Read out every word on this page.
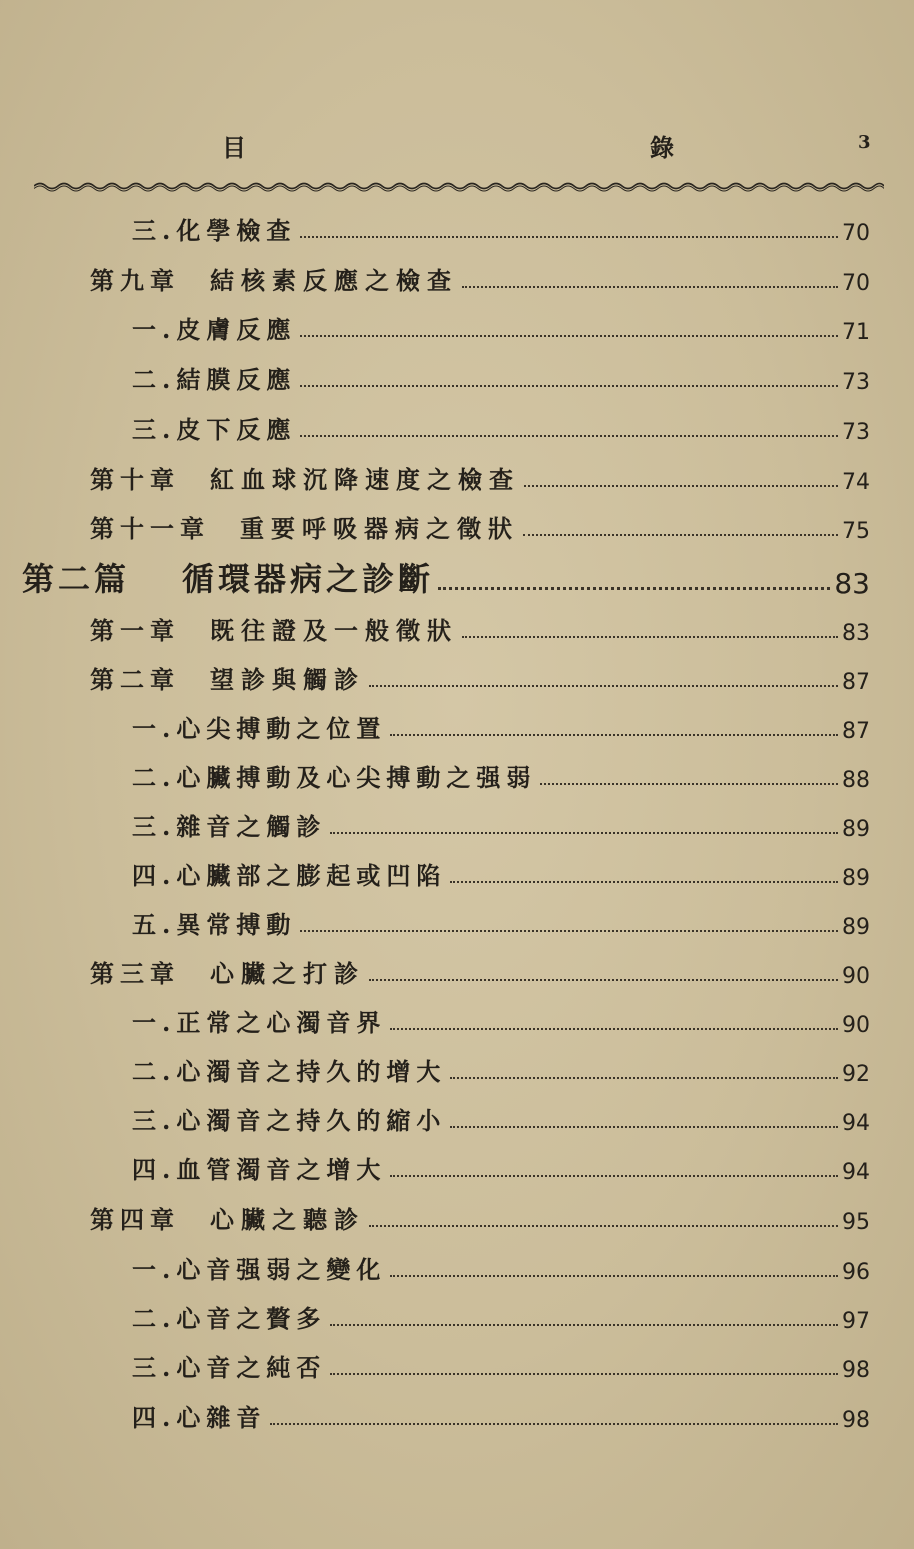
目	錄	3
三.化學檢查	70
第九章 結核素反應之檢查	70
一.皮膚反應	71
二.結膜反應	73
三.皮下反應	73
第十章 紅血球沉降速度之檢查	74
第十一章 重要呼吸器病之徵狀	75
第二篇 循環器病之診斷	83
第一章 既往證及一般徵狀	83
第二章 望診與觸診	87
一.心尖搏動之位置	87
二.心臟搏動及心尖搏動之强弱	88
三.雜音之觸診	89
四.心臟部之膨起或凹陷	89
五.異常搏動	89
第三章 心臟之打診	90
一.正常之心濁音界	90
二.心濁音之持久的增大	92
三.心濁音之持久的縮小	94
四.血管濁音之增大	94
第四章 心臟之聽診	95
一.心音强弱之變化	96
二.心音之贅多	97
三.心音之純否	98
四.心雜音	98
